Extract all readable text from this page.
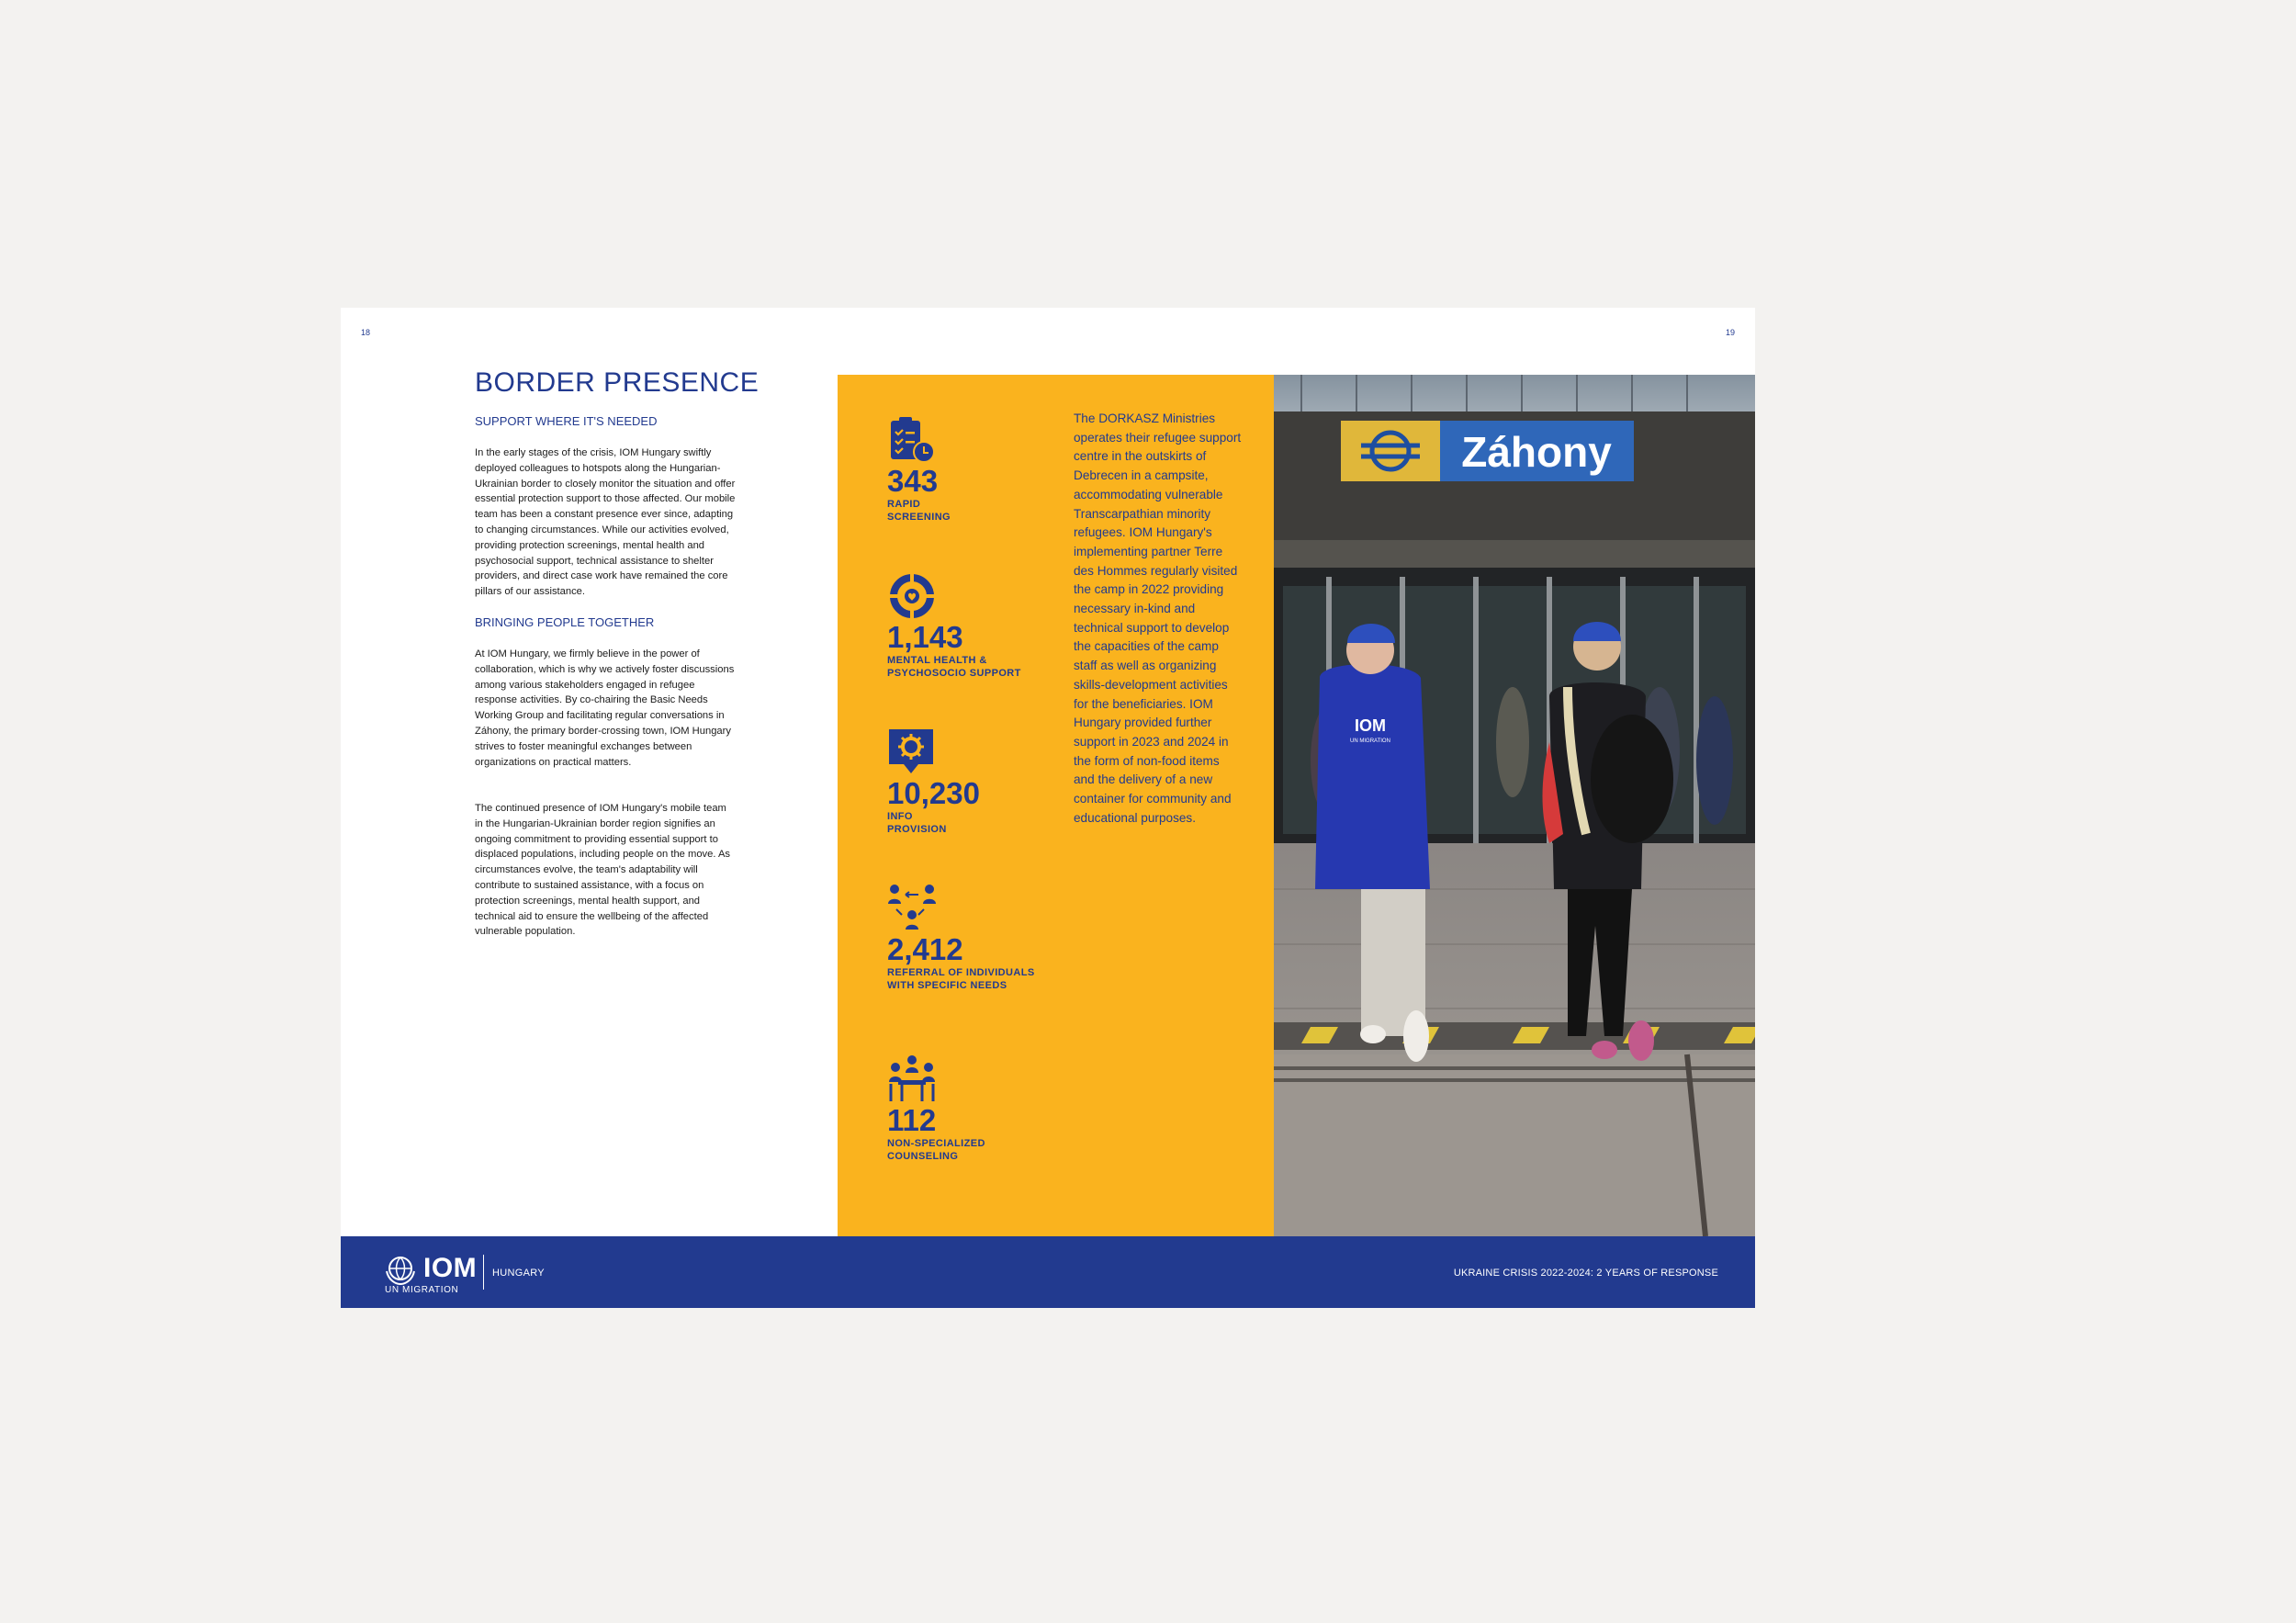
18	19
BORDER PRESENCE
SUPPORT WHERE IT'S NEEDED
In the early stages of the crisis, IOM Hungary swiftly deployed colleagues to hotspots along the Hungarian-Ukrainian border to closely monitor the situation and offer essential protection support to those affected. Our mobile team has been a constant presence ever since, adapting to changing circumstances. While our activities evolved, providing protection screenings, mental health and psychosocial support, technical assistance to shelter providers, and direct case work have remained the core pillars of our assistance.
BRINGING PEOPLE TOGETHER
At IOM Hungary, we firmly believe in the power of collaboration, which is why we actively foster discussions among various stakeholders engaged in refugee response activities. By co-chairing the Basic Needs Working Group and facilitating regular conversations in Záhony, the primary border-crossing town, IOM Hungary strives to foster meaningful exchanges between organizations on practical matters.
The continued presence of IOM Hungary's mobile team in the Hungarian-Ukrainian border region signifies an ongoing commitment to providing essential support to displaced populations, including people on the move. As circumstances evolve, the team's adaptability will contribute to sustained assistance, with a focus on protection screenings, mental health support, and technical aid to ensure the wellbeing of the affected vulnerable population.
343
RAPID
SCREENING
1,143
MENTAL HEALTH &
PSYCHOSOCIO SUPPORT
10,230
INFO
PROVISION
2,412
REFERRAL OF INDIVIDUALS
WITH SPECIFIC NEEDS
112
NON-SPECIALIZED
COUNSELING
The DORKASZ Ministries operates their refugee support centre in the outskirts of Debrecen in a campsite, accommodating vulnerable Transcarpathian minority refugees. IOM Hungary's implementing partner Terre des Hommes regularly visited the camp in 2022 providing necessary in-kind and technical support to develop the capacities of the camp staff as well as organizing skills-development activities for the beneficiaries. IOM Hungary provided further support in 2023 and 2024 in the form of non-food items and the delivery of a new container for community and educational purposes.
Záhony
IOM
UN MIGRATION
IOM
UN MIGRATION
HUNGARY	UKRAINE CRISIS 2022-2024: 2 YEARS OF RESPONSE
